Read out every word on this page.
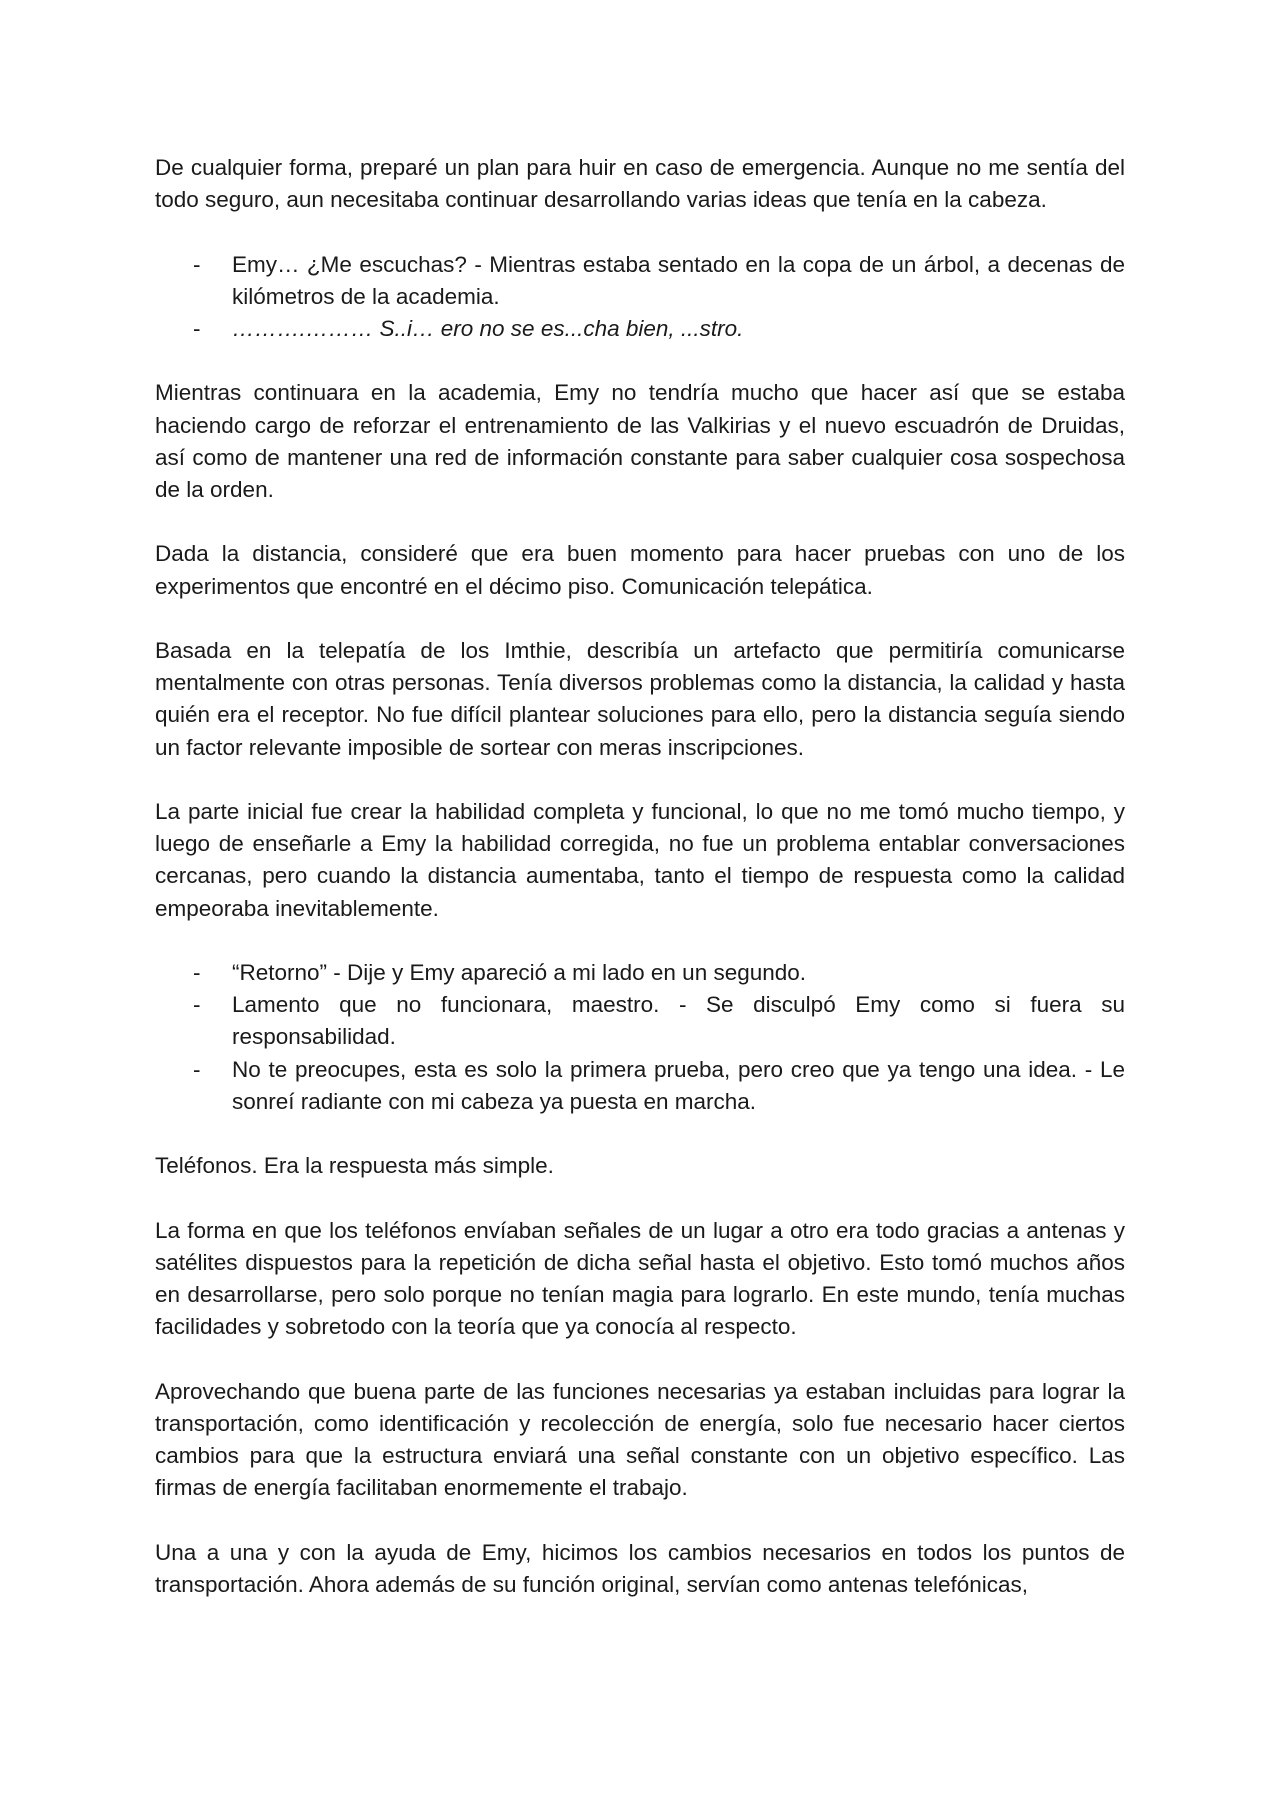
De cualquier forma, preparé un plan para huir en caso de emergencia. Aunque no me sentía del todo seguro, aun necesitaba continuar desarrollando varias ideas que tenía en la cabeza.

- Emy… ¿Me escuchas? - Mientras estaba sentado en la copa de un árbol, a decenas de kilómetros de la academia.
- ……….……… S..i… ero no se es...cha bien, ...stro.

Mientras continuara en la academia, Emy no tendría mucho que hacer así que se estaba haciendo cargo de reforzar el entrenamiento de las Valkirias y el nuevo escuadrón de Druidas, así como de mantener una red de información constante para saber cualquier cosa sospechosa de la orden.

Dada la distancia, consideré que era buen momento para hacer pruebas con uno de los experimentos que encontré en el décimo piso. Comunicación telepática.

Basada en la telepatía de los Imthie, describía un artefacto que permitiría comunicarse mentalmente con otras personas. Tenía diversos problemas como la distancia, la calidad y hasta quién era el receptor. No fue difícil plantear soluciones para ello, pero la distancia seguía siendo un factor relevante imposible de sortear con meras inscripciones.

La parte inicial fue crear la habilidad completa y funcional, lo que no me tomó mucho tiempo, y luego de enseñarle a Emy la habilidad corregida, no fue un problema entablar conversaciones cercanas, pero cuando la distancia aumentaba, tanto el tiempo de respuesta como la calidad empeoraba inevitablemente.

- “Retorno” - Dije y Emy apareció a mi lado en un segundo.
- Lamento que no funcionara, maestro. - Se disculpó Emy como si fuera su responsabilidad.
- No te preocupes, esta es solo la primera prueba, pero creo que ya tengo una idea. - Le sonreí radiante con mi cabeza ya puesta en marcha.

Teléfonos. Era la respuesta más simple.

La forma en que los teléfonos envíaban señales de un lugar a otro era todo gracias a antenas y satélites dispuestos para la repetición de dicha señal hasta el objetivo. Esto tomó muchos años en desarrollarse, pero solo porque no tenían magia para lograrlo. En este mundo, tenía muchas facilidades y sobretodo con la teoría que ya conocía al respecto.

Aprovechando que buena parte de las funciones necesarias ya estaban incluidas para lograr la transportación, como identificación y recolección de energía, solo fue necesario hacer ciertos cambios para que la estructura enviará una señal constante con un objetivo específico. Las firmas de energía facilitaban enormemente el trabajo.

Una a una y con la ayuda de Emy, hicimos los cambios necesarios en todos los puntos de transportación. Ahora además de su función original, servían como antenas telefónicas,
